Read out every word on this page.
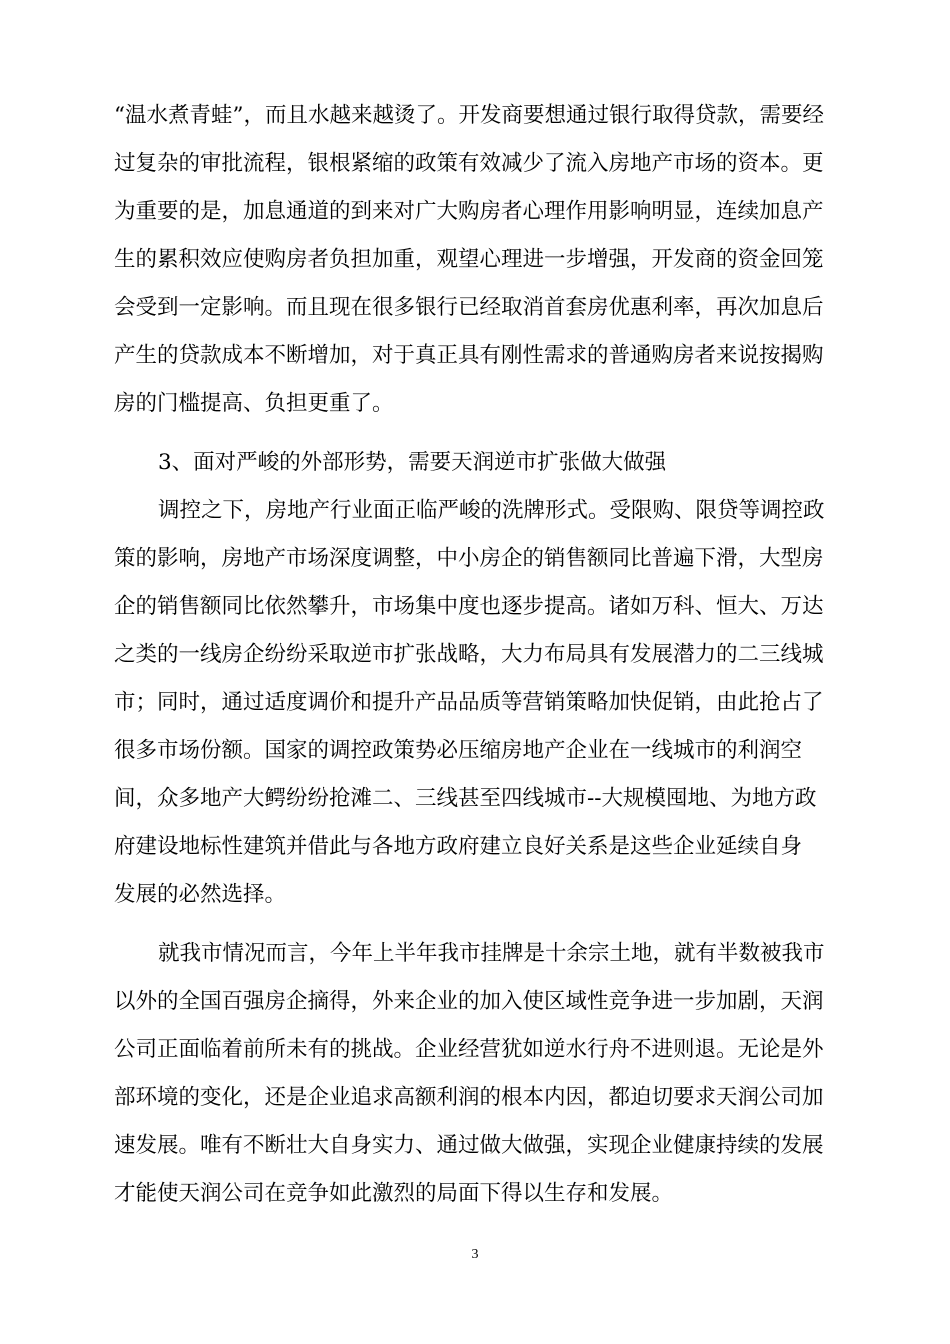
“温水煮青蛙”，而且水越来越烫了。开发商要想通过银行取得贷款，需要经
过复杂的审批流程，银根紧缩的政策有效减少了流入房地产市场的资本。更
为重要的是，加息通道的到来对广大购房者心理作用影响明显，连续加息产
生的累积效应使购房者负担加重，观望心理进一步增强，开发商的资金回笼
会受到一定影响。而且现在很多银行已经取消首套房优惠利率，再次加息后
产生的贷款成本不断增加，对于真正具有刚性需求的普通购房者来说按揭购
房的门槛提高、负担更重了。
3、面对严峻的外部形势，需要天润逆市扩张做大做强
调控之下，房地产行业面正临严峻的洗牌形式。受限购、限贷等调控政
策的影响，房地产市场深度调整，中小房企的销售额同比普遍下滑，大型房
企的销售额同比依然攀升，市场集中度也逐步提高。诸如万科、恒大、万达
之类的一线房企纷纷采取逆市扩张战略，大力布局具有发展潜力的二三线城
市；同时，通过适度调价和提升产品品质等营销策略加快促销，由此抢占了
很多市场份额。国家的调控政策势必压缩房地产企业在一线城市的利润空
间，众多地产大鳄纷纷抢滩二、三线甚至四线城市--大规模囤地、为地方政
府建设地标性建筑并借此与各地方政府建立良好关系是这些企业延续自身
发展的必然选择。
就我市情况而言，今年上半年我市挂牌是十余宗土地，就有半数被我市
以外的全国百强房企摘得，外来企业的加入使区域性竞争进一步加剧，天润
公司正面临着前所未有的挑战。企业经营犹如逆水行舟不进则退。无论是外
部环境的变化，还是企业追求高额利润的根本内因，都迫切要求天润公司加
速发展。唯有不断壮大自身实力、通过做大做强，实现企业健康持续的发展
才能使天润公司在竞争如此激烈的局面下得以生存和发展。
3
